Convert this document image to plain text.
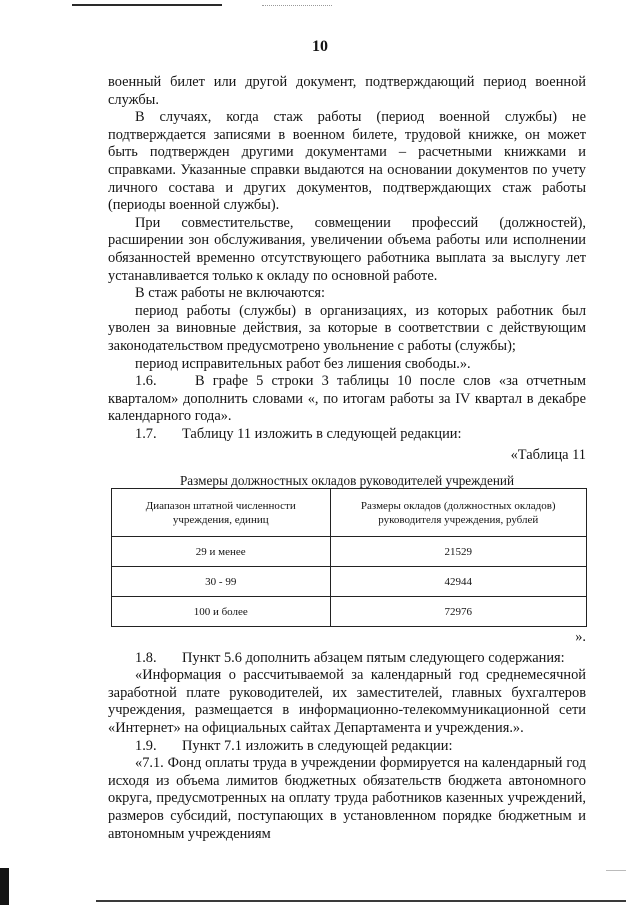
10

военный билет или другой документ, подтверждающий период военной службы.

В случаях, когда стаж работы (период военной службы) не подтверждается записями в военном билете, трудовой книжке, он может быть подтвержден другими документами – расчетными книжками и справками. Указанные справки выдаются на основании документов по учету личного состава и других документов, подтверждающих стаж работы (периоды военной службы).

При совместительстве, совмещении профессий (должностей), расширении зон обслуживания, увеличении объема работы или исполнении обязанностей временно отсутствующего работника выплата за выслугу лет устанавливается только к окладу по основной работе.

В стаж работы не включаются:

период работы (службы) в организациях, из которых работник был уволен за виновные действия, за которые в соответствии с действующим законодательством предусмотрено увольнение с работы (службы);

период исправительных работ без лишения свободы.».

1.6.	В графе 5 строки 3 таблицы 10 после слов «за отчетным кварталом» дополнить словами «, по итогам работы за IV квартал в декабре календарного года».

1.7. Таблицу 11 изложить в следующей редакции:

«Таблица 11

Размеры должностных окладов руководителей учреждений

Диапазон штатной численности учреждения, единиц	Размеры окладов (должностных окладов) руководителя учреждения, рублей
29 и менее	21529
30 - 99	42944
100 и более	72976

».

1.8. Пункт 5.6 дополнить абзацем пятым следующего содержания:

«Информация о рассчитываемой за календарный год среднемесячной заработной плате руководителей, их заместителей, главных бухгалтеров учреждения, размещается в информационно-телекоммуникационной сети «Интернет» на официальных сайтах Департамента и учреждения.».

1.9. Пункт 7.1 изложить в следующей редакции:

«7.1. Фонд оплаты труда в учреждении формируется на календарный год исходя из объема лимитов бюджетных обязательств бюджета автономного округа, предусмотренных на оплату труда работников казенных учреждений, размеров субсидий, поступающих в установленном порядке бюджетным и автономным учреждениям
